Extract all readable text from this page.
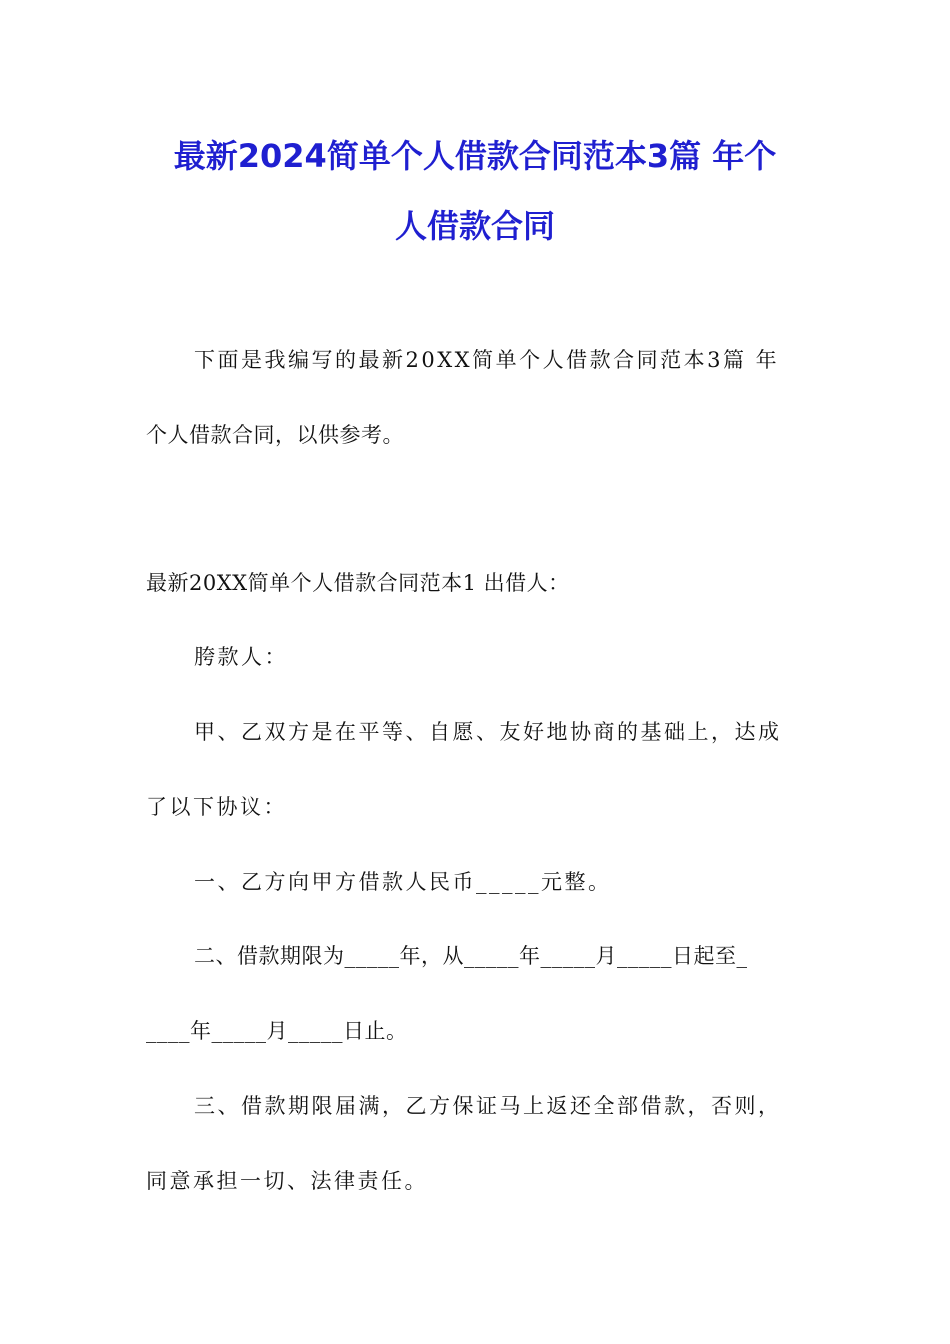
最新2024简单个人借款合同范本3篇 年个
人借款合同
下面是我编写的最新20XX简单个人借款合同范本3篇 年
个人借款合同，以供参考。
最新20XX简单个人借款合同范本1 出借人：
胯款人：
甲、乙双方是在平等、自愿、友好地协商的基础上，达成
了以下协议：
一、乙方向甲方借款人民币_____元整。
二、借款期限为_____年，从_____年_____月_____日起至_
____年_____月_____日止。
三、借款期限届满，乙方保证马上返还全部借款，否则，
同意承担一切、法律责任。
